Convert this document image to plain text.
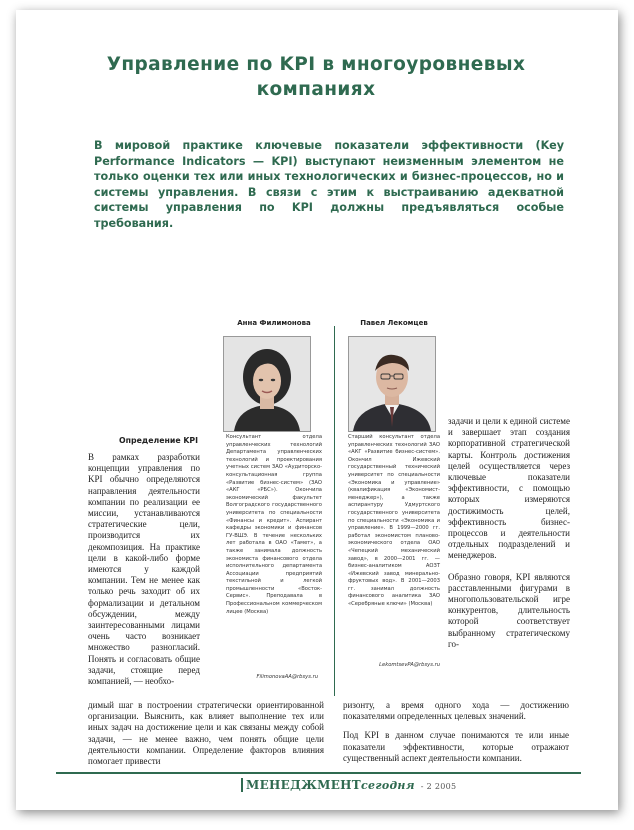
Управление по KPI в многоуровневых компаниях
В мировой практике ключевые показатели эффективности (Key Performance Indicators — KPI) выступают неизменным элементом не только оценки тех или иных технологических и бизнес-процессов, но и системы управления. В связи с этим к выстраиванию адекватной системы управления по KPI должны предъявляться особые требования.
Анна Филимонова
Консультант отдела управленческих технологий Департамента управленческих технологий и проектирования учетных систем ЗАО «Аудиторско-консультационная группа «Развитие бизнес-систем» (ЗАО «АКГ «РБС»). Окончила экономический факультет Волгоградского государственного университета по специальности «Финансы и кредит». Аспирант кафедры экономики и финансов ГУ-ВШЭ. В течение нескольких лет работала в ОАО «Тамет», а также занимала должность экономиста финансового отдела исполнительного департамента Ассоциации предприятий текстильной и легкой промышленности «Восток-Сервис». Преподавала в Профессиональном коммерческом лицее (Москва)
FilimonovaAA@rbsys.ru
Павел Лекомцев
Старший консультант отдела управленческих технологий ЗАО «АКГ «Развитие бизнес-систем». Окончил Ижевский государственный технический университет по специальности «Экономика и управление» (квалификация «Экономист-менеджер»), а также аспирантуру Удмуртского государственного университета по специальности «Экономика и управление». В 1999—2000 гг. работал экономистом планово-экономического отдела ОАО «Чепецкий механический завод», в 2000—2001 гг. — бизнес-аналитиком АОЗТ «Ижевский завод минерально-фруктовых вод». В 2001—2003 гг. занимал должность финансового аналитика ЗАО «Серебряные ключи» (Москва)
LekomtsevPA@rbsys.ru
Определение KPI

В рамках разработки концепции управления по KPI обычно определяются направления деятельности компании по реализации ее миссии, устанавливаются стратегические цели, производится их декомпозиция. На практике цели в какой-либо форме имеются у каждой компании. Тем не менее как только речь заходит об их формализации и детальном обсуждении, между заинтересованными лицами очень часто возникает множество разногласий. Понять и согласовать общие задачи, стоящие перед компанией, — необхо-

димый шаг в построении стратегически ориентированной организации. Выяснить, как влияет выполнение тех или иных задач на достижение цели и как связаны между собой задачи, — не менее важно, чем понять общие цели деятельности компании. Определение факторов влияния помогает привести

ризонту, а время одного хода — достижению показателями определенных целевых значений.

Под KPI в данном случае понимаются те или иные показатели эффективности, которые отражают существенный аспект деятельности компании.

задачи и цели к единой системе и завершает этап создания корпоративной стратегической карты. Контроль достижения целей осуществляется через ключевые показатели эффективности, с помощью которых измеряются достижимость целей, эффективность бизнес-процессов и деятельности отдельных подразделений и менеджеров.

Образно говоря, KPI являются расставленными фигурами в многопользовательской игре конкурентов, длительность которой соответствует выбранному стратегическому го-

МЕНЕДЖМЕНТсегодня - 2 2005
